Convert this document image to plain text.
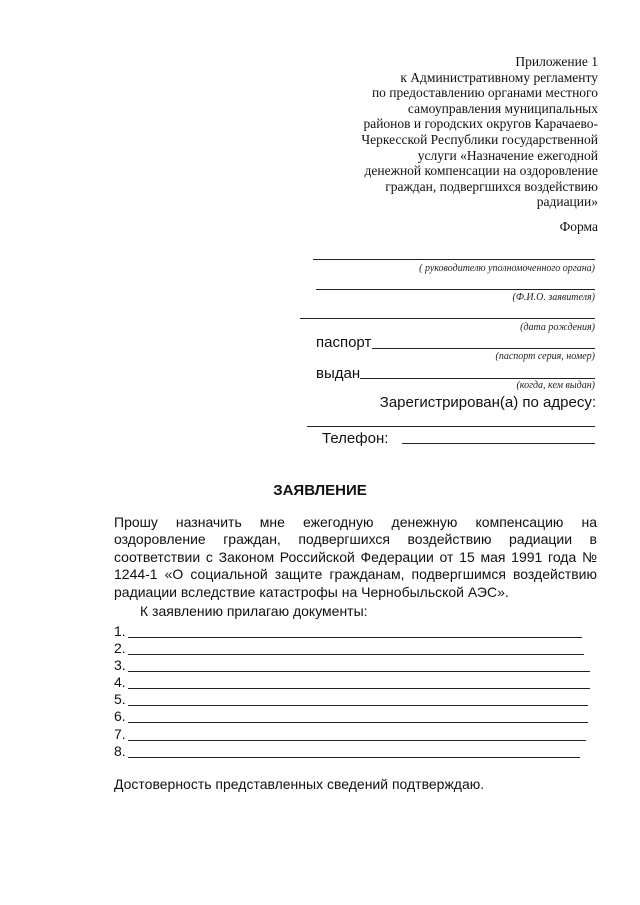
Приложение 1
к Административному регламенту
по предоставлению органами местного
самоуправления муниципальных
районов и городских округов Карачаево-
Черкесской Республики государственной
услуги «Назначение ежегодной
денежной компенсации на оздоровление
граждан, подвергшихся воздействию
радиации»
Форма
( руководителю уполномоченного органа)
(Ф.И.О. заявителя)
(дата рождения)
паспорт
(паспорт серия, номер)
выдан
(когда, кем выдан)
Зарегистрирован(а) по адресу:
Телефон:
ЗАЯВЛЕНИЕ

Прошу назначить мне ежегодную денежную компенсацию на оздоровление граждан, подвергшихся воздействию радиации в соответствии с Законом Российской Федерации от 15 мая 1991 года № 1244-1 «О социальной защите гражданам, подвергшимся воздействию радиации вследствие катастрофы на Чернобыльской АЭС».

К заявлению прилагаю документы:
1.
2.
3.
4.
5.
6.
7.
8.
Достоверность представленных сведений подтверждаю.
